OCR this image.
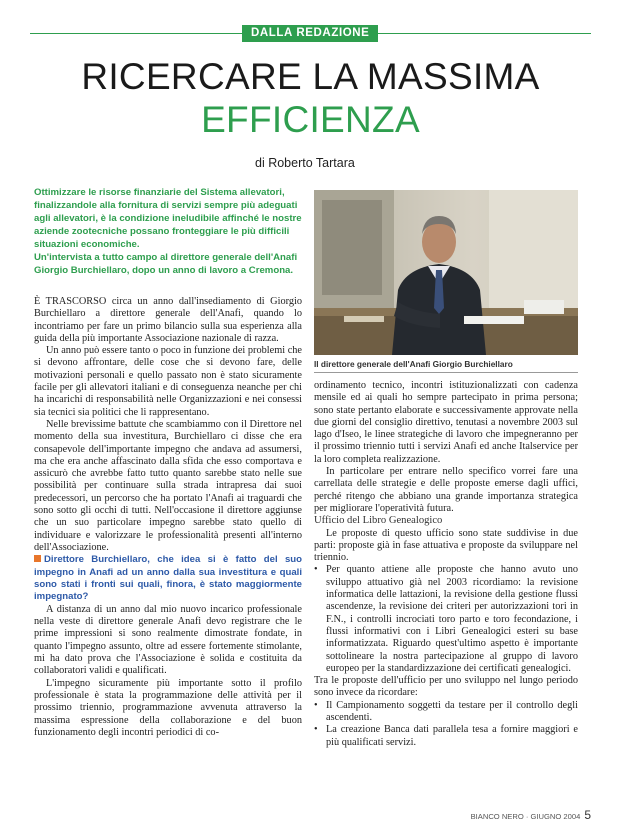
DALLA REDAZIONE
RICERCARE LA MASSIMA
EFFICIENZA
di Roberto Tartara

Ottimizzare le risorse finanziarie del Sistema allevatori, finalizzandole alla fornitura di servizi sempre più adeguati agli allevatori, è la condizione ineludibile affinché le nostre aziende zootecniche possano fronteggiare le più difficili situazioni economiche.

Un'intervista a tutto campo al direttore generale dell'Anafi Giorgio Burchiellaro, dopo un anno di lavoro a Cremona.

È TRASCORSO circa un anno dall'insediamento di Giorgio Burchiellaro a direttore generale dell'Anafi, quando lo incontriamo per fare un primo bilancio sulla sua esperienza alla guida della più importante Associazione nazionale di razza.

Un anno può essere tanto o poco in funzione dei problemi che si devono affrontare, delle cose che si devono fare, delle motivazioni personali e quello passato non è stato sicuramente facile per gli allevatori italiani e di conseguenza neanche per chi ha incarichi di responsabilità nelle Organizzazioni e nei consessi sia tecnici sia politici che li rappresentano.

Nelle brevissime battute che scambiammo con il Direttore nel momento della sua investitura, Burchiellaro ci disse che era consapevole dell'importante impegno che andava ad assumersi, ma che era anche affascinato dalla sfida che esso comportava e assicurò che avrebbe fatto tutto quanto sarebbe stato nelle sue possibilità per continuare sulla strada intrapresa dai suoi predecessori, un percorso che ha portato l'Anafi ai traguardi che sono sotto gli occhi di tutti. Nell'occasione il direttore aggiunse che un suo particolare impegno sarebbe stato quello di individuare e valorizzare le professionalità presenti all'interno dell'Associazione.

Direttore Burchiellaro, che idea si è fatto del suo impegno in Anafi ad un anno dalla sua investitura e quali sono stati i fronti sui quali, finora, è stato maggiormente impegnato?

A distanza di un anno dal mio nuovo incarico professionale nella veste di direttore generale Anafi devo registrare che le prime impressioni si sono realmente dimostrate fondate, in quanto l'impegno assunto, oltre ad essere fortemente stimolante, mi ha dato prova che l'Associazione è solida e costituita da collaboratori validi e qualificati.

L'impegno sicuramente più importante sotto il profilo professionale è stata la programmazione delle attività per il prossimo triennio, programmazione avvenuta attraverso la massima espressione della collaborazione e del buon funzionamento degli incontri periodici di co-

Il direttore generale dell'Anafi Giorgio Burchiellaro

ordinamento tecnico, incontri istituzionalizzati con cadenza mensile ed ai quali ho sempre partecipato in prima persona; sono state pertanto elaborate e successivamente approvate nella due giorni del consiglio direttivo, tenutasi a novembre 2003 sul lago d'Iseo, le linee strategiche di lavoro che impegneranno per il prossimo triennio tutti i servizi Anafi ed anche Italservice per la loro completa realizzazione.

In particolare per entrare nello specifico vorrei fare una carrellata delle strategie e delle proposte emerse dagli uffici, perché ritengo che abbiano una grande importanza strategica per migliorare l'operatività futura.

Ufficio del Libro Genealogico

Le proposte di questo ufficio sono state suddivise in due parti: proposte già in fase attuativa e proposte da sviluppare nel triennio.

• Per quanto attiene alle proposte che hanno avuto uno sviluppo attuativo già nel 2003 ricordiamo: la revisione informatica delle lattazioni, la revisione della gestione flussi ascendenze, la revisione dei criteri per autorizzazioni tori in F.N., i controlli incrociati toro parto e toro fecondazione, i flussi informativi con i Libri Genealogici esteri su base informatizzata. Riguardo quest'ultimo aspetto è importante sottolineare la nostra partecipazione al gruppo di lavoro europeo per la standardizzazione dei certificati genealogici.

Tra le proposte dell'ufficio per uno sviluppo nel lungo periodo sono invece da ricordare:

• Il Campionamento soggetti da testare per il controllo degli ascendenti.
• La creazione Banca dati parallela tesa a fornire maggiori e più qualificati servizi.
BIANCO NERO · GIUGNO 2004 5
